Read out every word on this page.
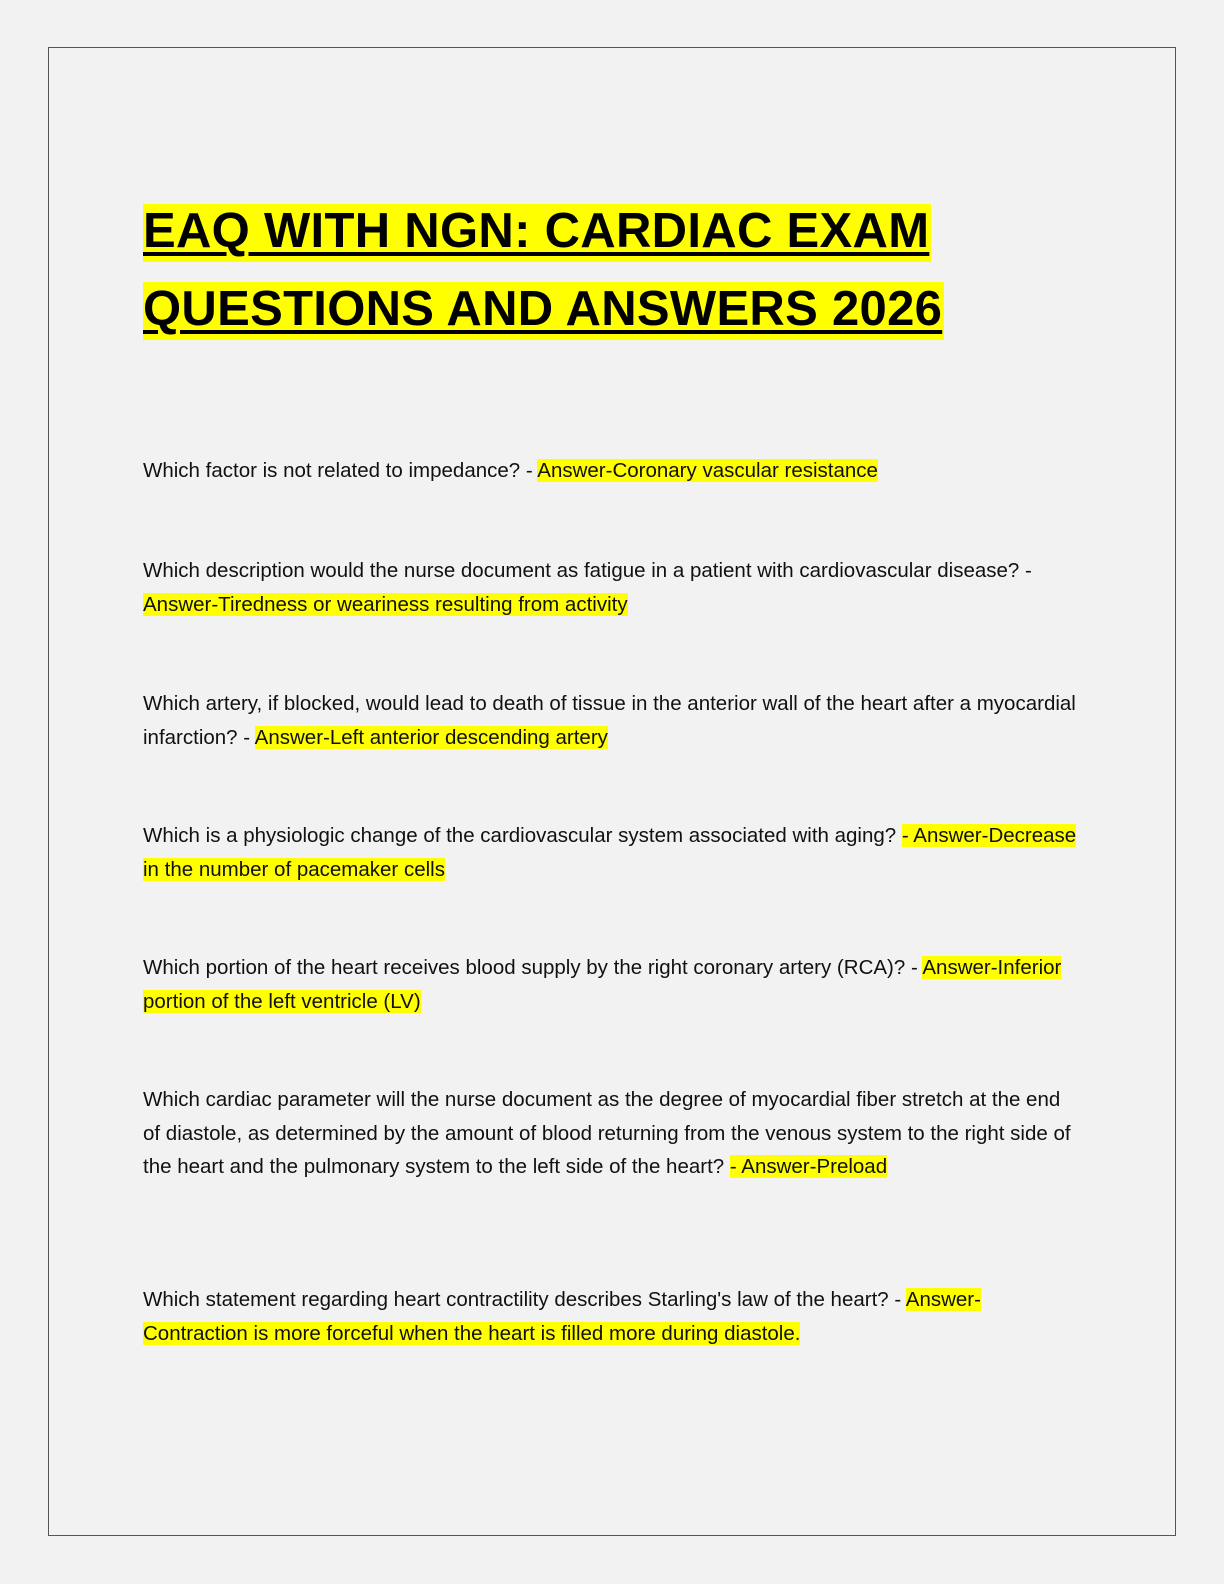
EAQ WITH NGN: CARDIAC EXAM
QUESTIONS AND ANSWERS 2026

Which factor is not related to impedance? - Answer-Coronary vascular resistance

Which description would the nurse document as fatigue in a patient with cardiovascular disease? - Answer-Tiredness or weariness resulting from activity

Which artery, if blocked, would lead to death of tissue in the anterior wall of the heart after a myocardial infarction? - Answer-Left anterior descending artery

Which is a physiologic change of the cardiovascular system associated with aging? - Answer-Decrease in the number of pacemaker cells

Which portion of the heart receives blood supply by the right coronary artery (RCA)? - Answer-Inferior portion of the left ventricle (LV)

Which cardiac parameter will the nurse document as the degree of myocardial fiber stretch at the end of diastole, as determined by the amount of blood returning from the venous system to the right side of the heart and the pulmonary system to the left side of the heart? - Answer-Preload

Which statement regarding heart contractility describes Starling's law of the heart? - Answer-Contraction is more forceful when the heart is filled more during diastole.
